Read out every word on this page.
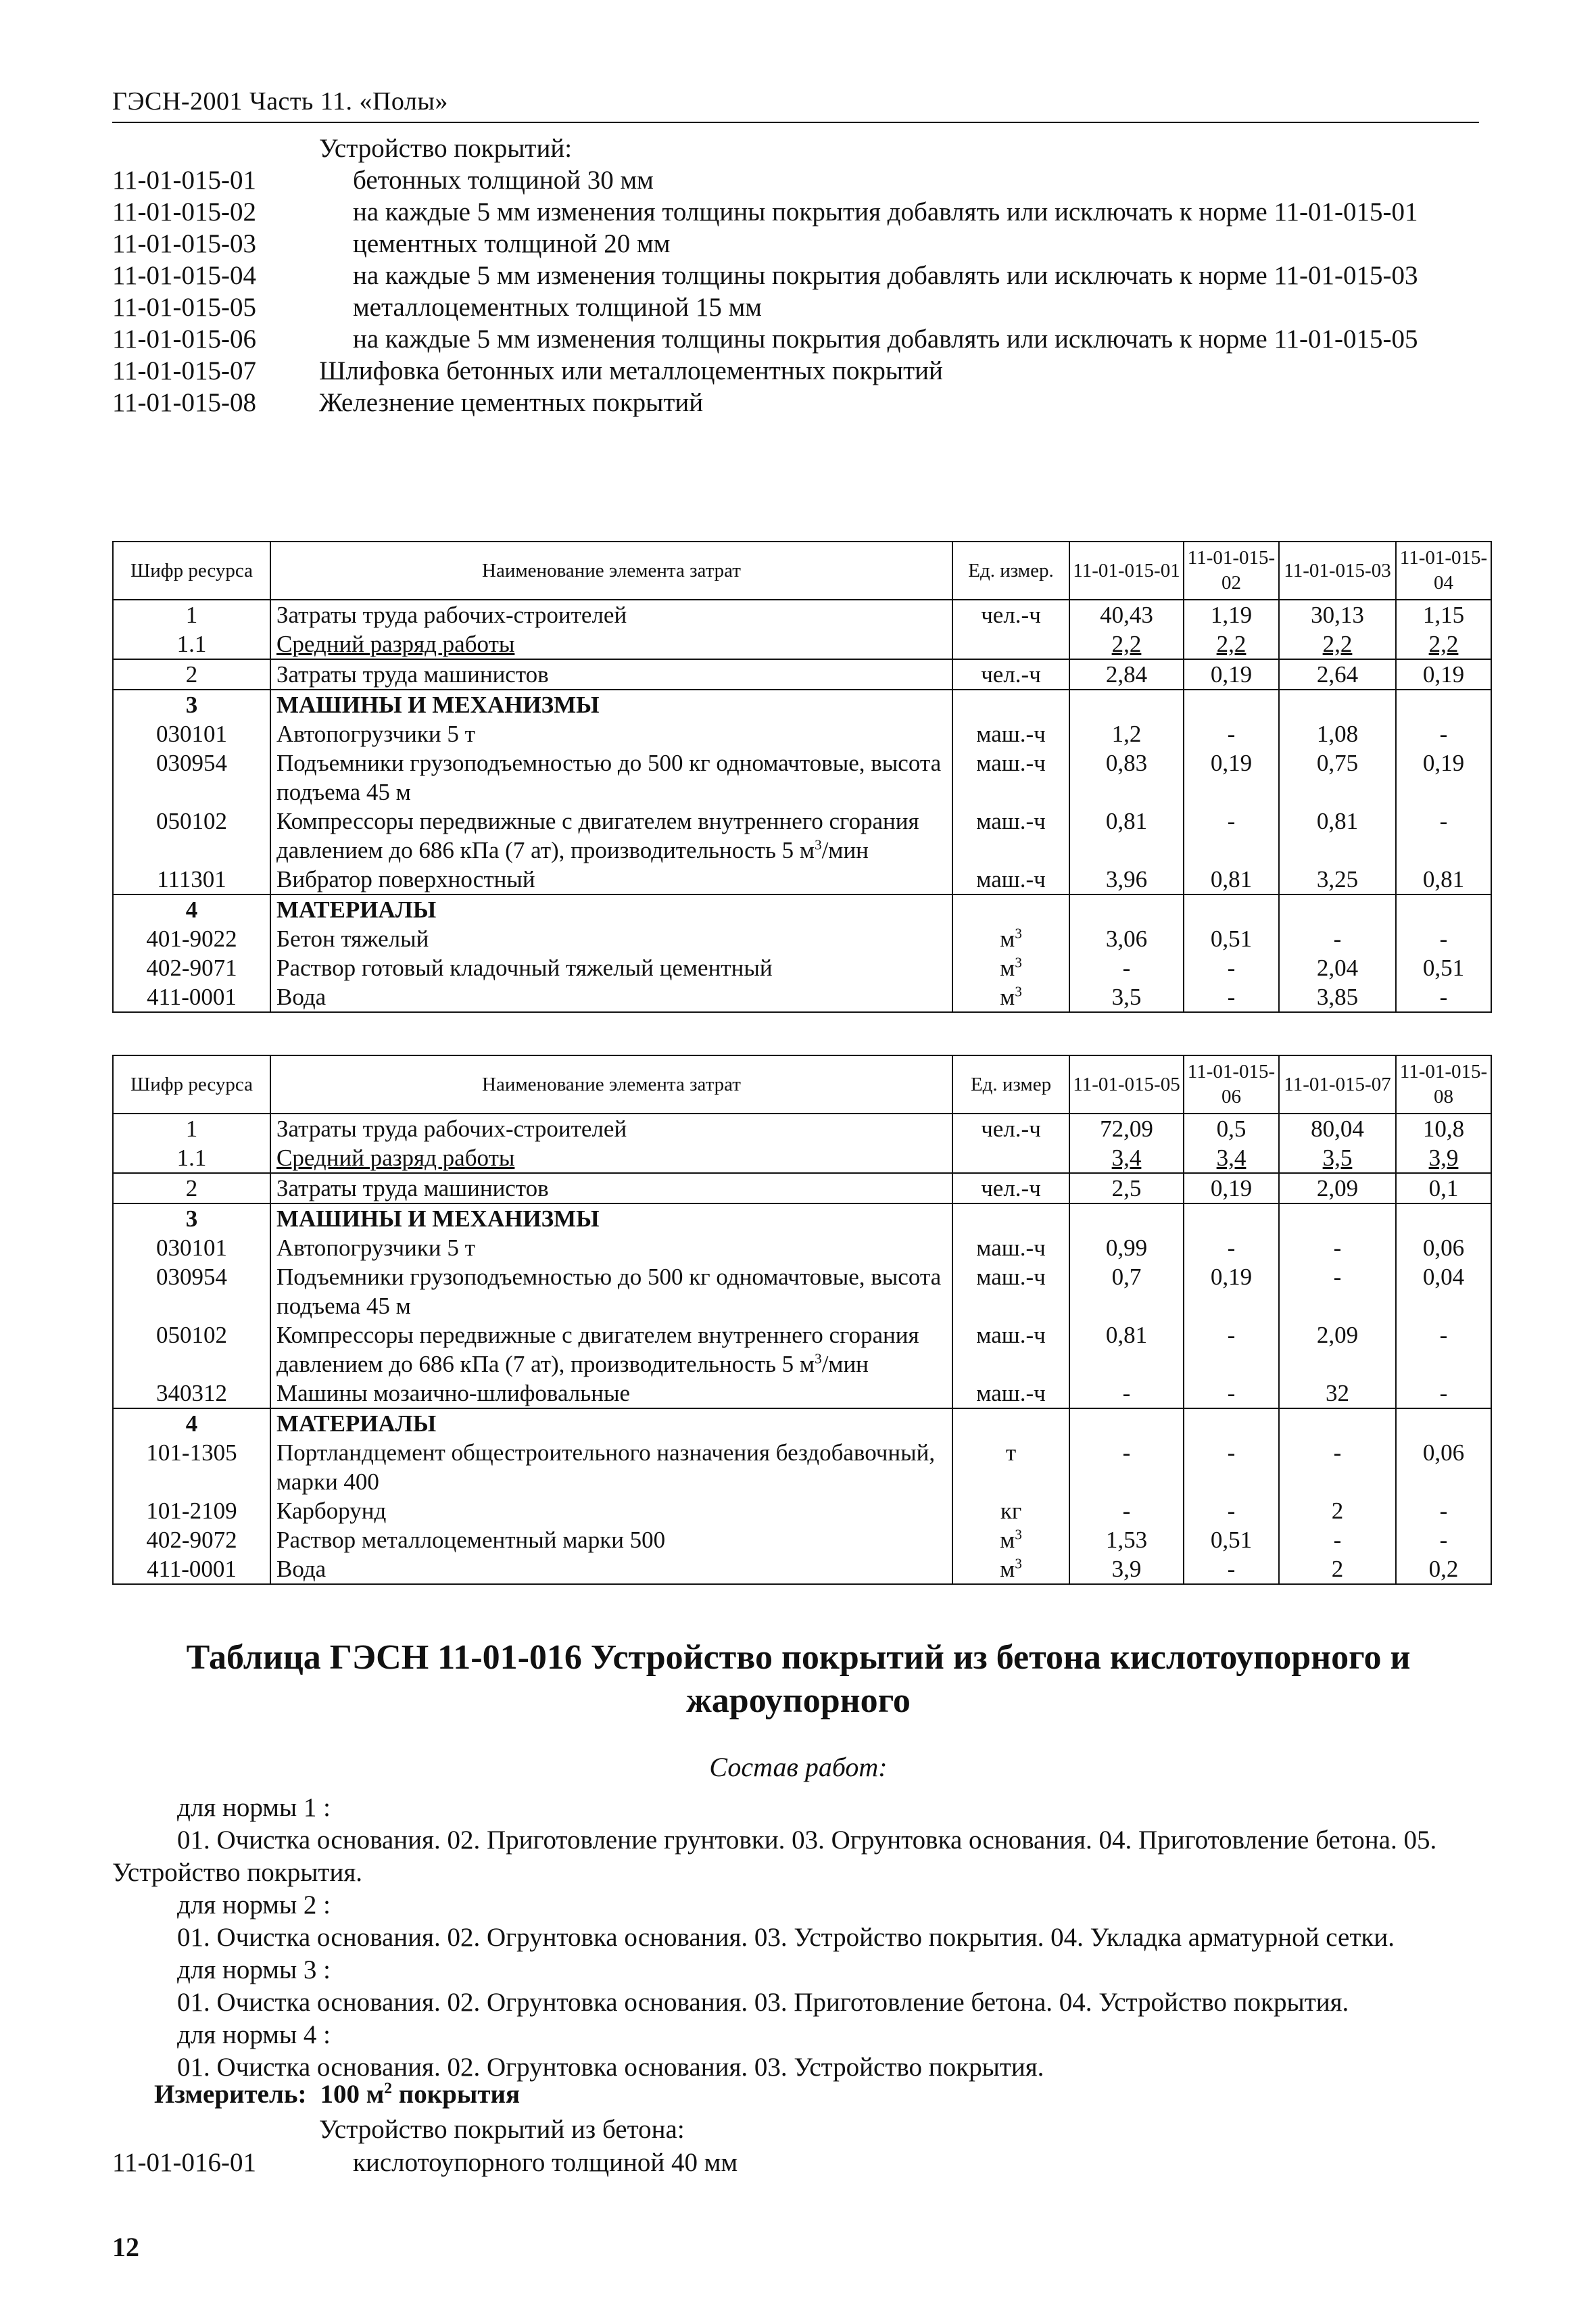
ГЭСН-2001 Часть 11. «Полы»
Устройство покрытий:
11-01-015-01	бетонных толщиной 30 мм
11-01-015-02	на каждые 5 мм изменения толщины покрытия добавлять или исключать к норме 11-01-015-01
11-01-015-03	цементных толщиной 20 мм
11-01-015-04	на каждые 5 мм изменения толщины покрытия добавлять или исключать к норме 11-01-015-03
11-01-015-05	металлоцементных толщиной 15 мм
11-01-015-06	на каждые 5 мм изменения толщины покрытия добавлять или исключать к норме 11-01-015-05
11-01-015-07	Шлифовка бетонных или металлоцементных покрытий
11-01-015-08	Железнение цементных покрытий
Шифр ресурса	Наименование элемента затрат	Ед. измер.	11-01-015-01	11-01-015-02	11-01-015-03	11-01-015-04
1	Затраты труда рабочих-строителей	чел.-ч	40,43	1,19	30,13	1,15
1.1	Средний разряд работы		2,2	2,2	2,2	2,2
2	Затраты труда машинистов	чел.-ч	2,84	0,19	2,64	0,19
3	МАШИНЫ И МЕХАНИЗМЫ					
030101	Автопогрузчики 5 т	маш.-ч	1,2	-	1,08	-
030954	Подъемники грузоподъемностью до 500 кг одномачтовые, высота подъема 45 м	маш.-ч	0,83	0,19	0,75	0,19
050102	Компрессоры передвижные с двигателем внутреннего сгорания давлением до 686 кПа (7 ат), производительность 5 $м^3$/мин	маш.-ч	0,81	-	0,81	-
111301	Вибратор поверхностный	маш.-ч	3,96	0,81	3,25	0,81
4	МАТЕРИАЛЫ					
401-9022	Бетон тяжелый	$м^3$	3,06	0,51	-	-
402-9071	Раствор готовый кладочный тяжелый цементный	$м^3$	-	-	2,04	0,51
411-0001	Вода	$м^3$	3,5	-	3,85	-
Шифр ресурса	Наименование элемента затрат	Ед. измер	11-01-015-05	11-01-015-06	11-01-015-07	11-01-015-08
1	Затраты труда рабочих-строителей	чел.-ч	72,09	0,5	80,04	10,8
1.1	Средний разряд работы		3,4	3,4	3,5	3,9
2	Затраты труда машинистов	чел.-ч	2,5	0,19	2,09	0,1
3	МАШИНЫ И МЕХАНИЗМЫ					
030101	Автопогрузчики 5 т	маш.-ч	0,99	-	-	0,06
030954	Подъемники грузоподъемностью до 500 кг одномачтовые, высота подъема 45 м	маш.-ч	0,7	0,19	-	0,04
050102	Компрессоры передвижные с двигателем внутреннего сгорания давлением до 686 кПа (7 ат), производительность 5 $м^3$/мин	маш.-ч	0,81	-	2,09	-
340312	Машины мозаично-шлифовальные	маш.-ч	-	-	32	-
4	МАТЕРИАЛЫ					
101-1305	Портландцемент общестроительного назначения бездобавочный, марки 400	т	-	-	-	0,06
101-2109	Карборунд	кг	-	-	2	-
402-9072	Раствор металлоцементный марки 500	$м^3$	1,53	0,51	-	-
411-0001	Вода	$м^3$	3,9	-	2	0,2
Таблица ГЭСН 11-01-016 Устройство покрытий из бетона кислотоупорного и жароупорного
Состав работ:
для нормы 1 :
01. Очистка основания. 02. Приготовление грунтовки. 03. Огрунтовка основания. 04. Приготовление бетона. 05. Устройство покрытия.
для нормы 2 :
01. Очистка основания. 02. Огрунтовка основания. 03. Устройство покрытия. 04. Укладка арматурной сетки.
для нормы 3 :
01. Очистка основания. 02. Огрунтовка основания. 03. Приготовление бетона. 04. Устройство покрытия.
для нормы 4 :
01. Очистка основания. 02. Огрунтовка основания. 03. Устройство покрытия.
Измеритель: 100 $м^2$ покрытия
Устройство покрытий из бетона:
11-01-016-01	кислотоупорного толщиной 40 мм
12
